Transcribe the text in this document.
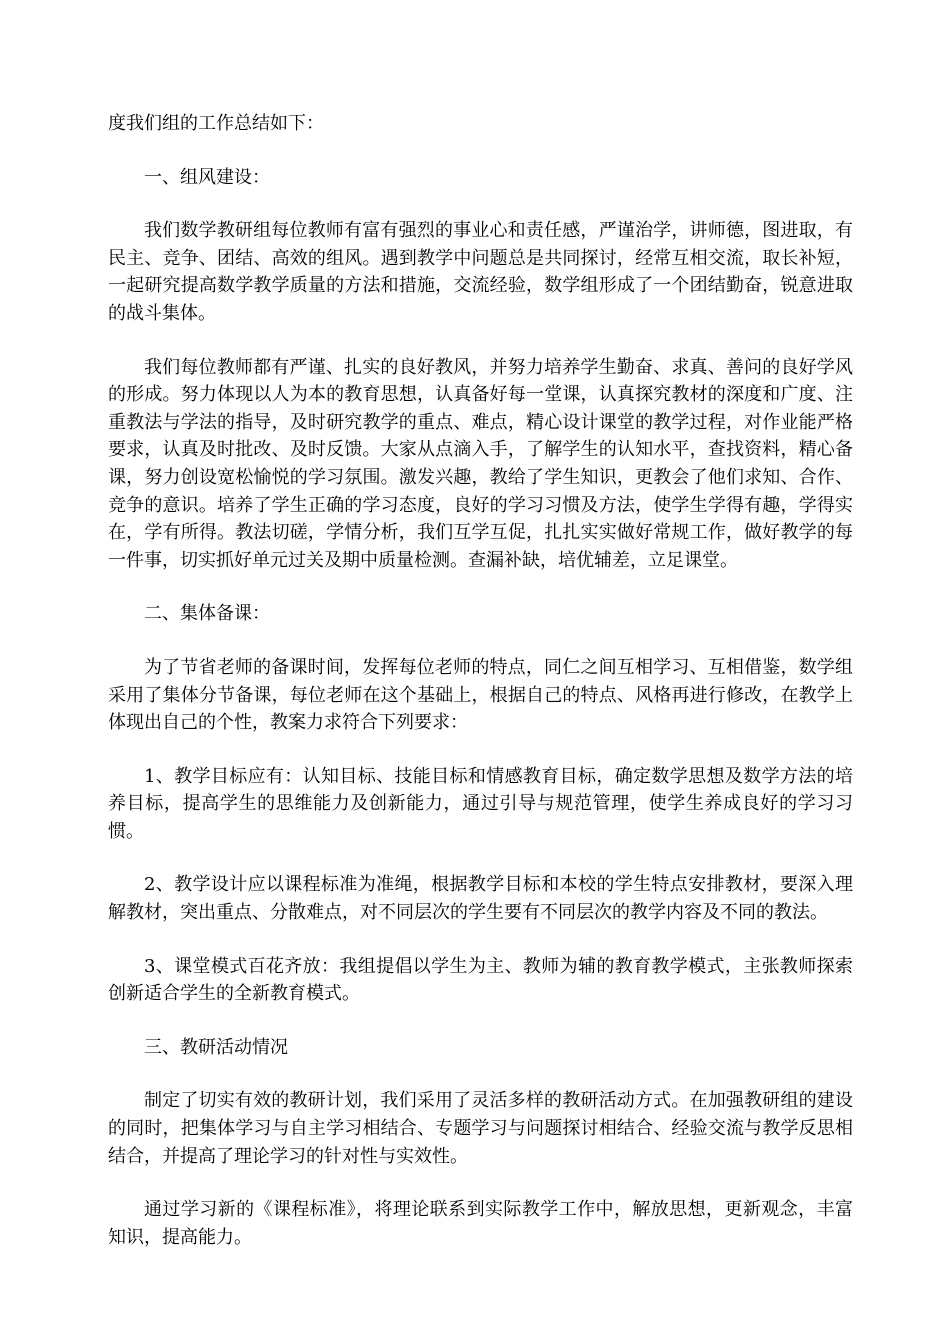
度我们组的工作总结如下：

一、组风建设：

我们数学教研组每位教师有富有强烈的事业心和责任感，严谨治学，讲师德，图进取，有民主、竞争、团结、高效的组风。遇到教学中问题总是共同探讨，经常互相交流，取长补短，一起研究提高数学教学质量的方法和措施，交流经验，数学组形成了一个团结勤奋，锐意进取的战斗集体。

我们每位教师都有严谨、扎实的良好教风，并努力培养学生勤奋、求真、善问的良好学风的形成。努力体现以人为本的教育思想，认真备好每一堂课，认真探究教材的深度和广度、注重教法与学法的指导，及时研究教学的重点、难点，精心设计课堂的教学过程，对作业能严格要求，认真及时批改、及时反馈。大家从点滴入手，了解学生的认知水平，查找资料，精心备课，努力创设宽松愉悦的学习氛围。激发兴趣，教给了学生知识，更教会了他们求知、合作、竞争的意识。培养了学生正确的学习态度，良好的学习习惯及方法，使学生学得有趣，学得实在，学有所得。教法切磋，学情分析，我们互学互促，扎扎实实做好常规工作，做好教学的每一件事，切实抓好单元过关及期中质量检测。查漏补缺，培优辅差，立足课堂。

二、集体备课：

为了节省老师的备课时间，发挥每位老师的特点，同仁之间互相学习、互相借鉴，数学组采用了集体分节备课，每位老师在这个基础上，根据自己的特点、风格再进行修改，在教学上体现出自己的个性，教案力求符合下列要求：

1、教学目标应有：认知目标、技能目标和情感教育目标，确定数学思想及数学方法的培养目标，提高学生的思维能力及创新能力，通过引导与规范管理，使学生养成良好的学习习惯。

2、教学设计应以课程标准为准绳，根据教学目标和本校的学生特点安排教材，要深入理解教材，突出重点、分散难点，对不同层次的学生要有不同层次的教学内容及不同的教法。

3、课堂模式百花齐放：我组提倡以学生为主、教师为辅的教育教学模式，主张教师探索创新适合学生的全新教育模式。

三、教研活动情况

制定了切实有效的教研计划，我们采用了灵活多样的教研活动方式。在加强教研组的建设的同时，把集体学习与自主学习相结合、专题学习与问题探讨相结合、经验交流与教学反思相结合，并提高了理论学习的针对性与实效性。

通过学习新的《课程标准》，将理论联系到实际教学工作中，解放思想，更新观念，丰富知识，提高能力。
